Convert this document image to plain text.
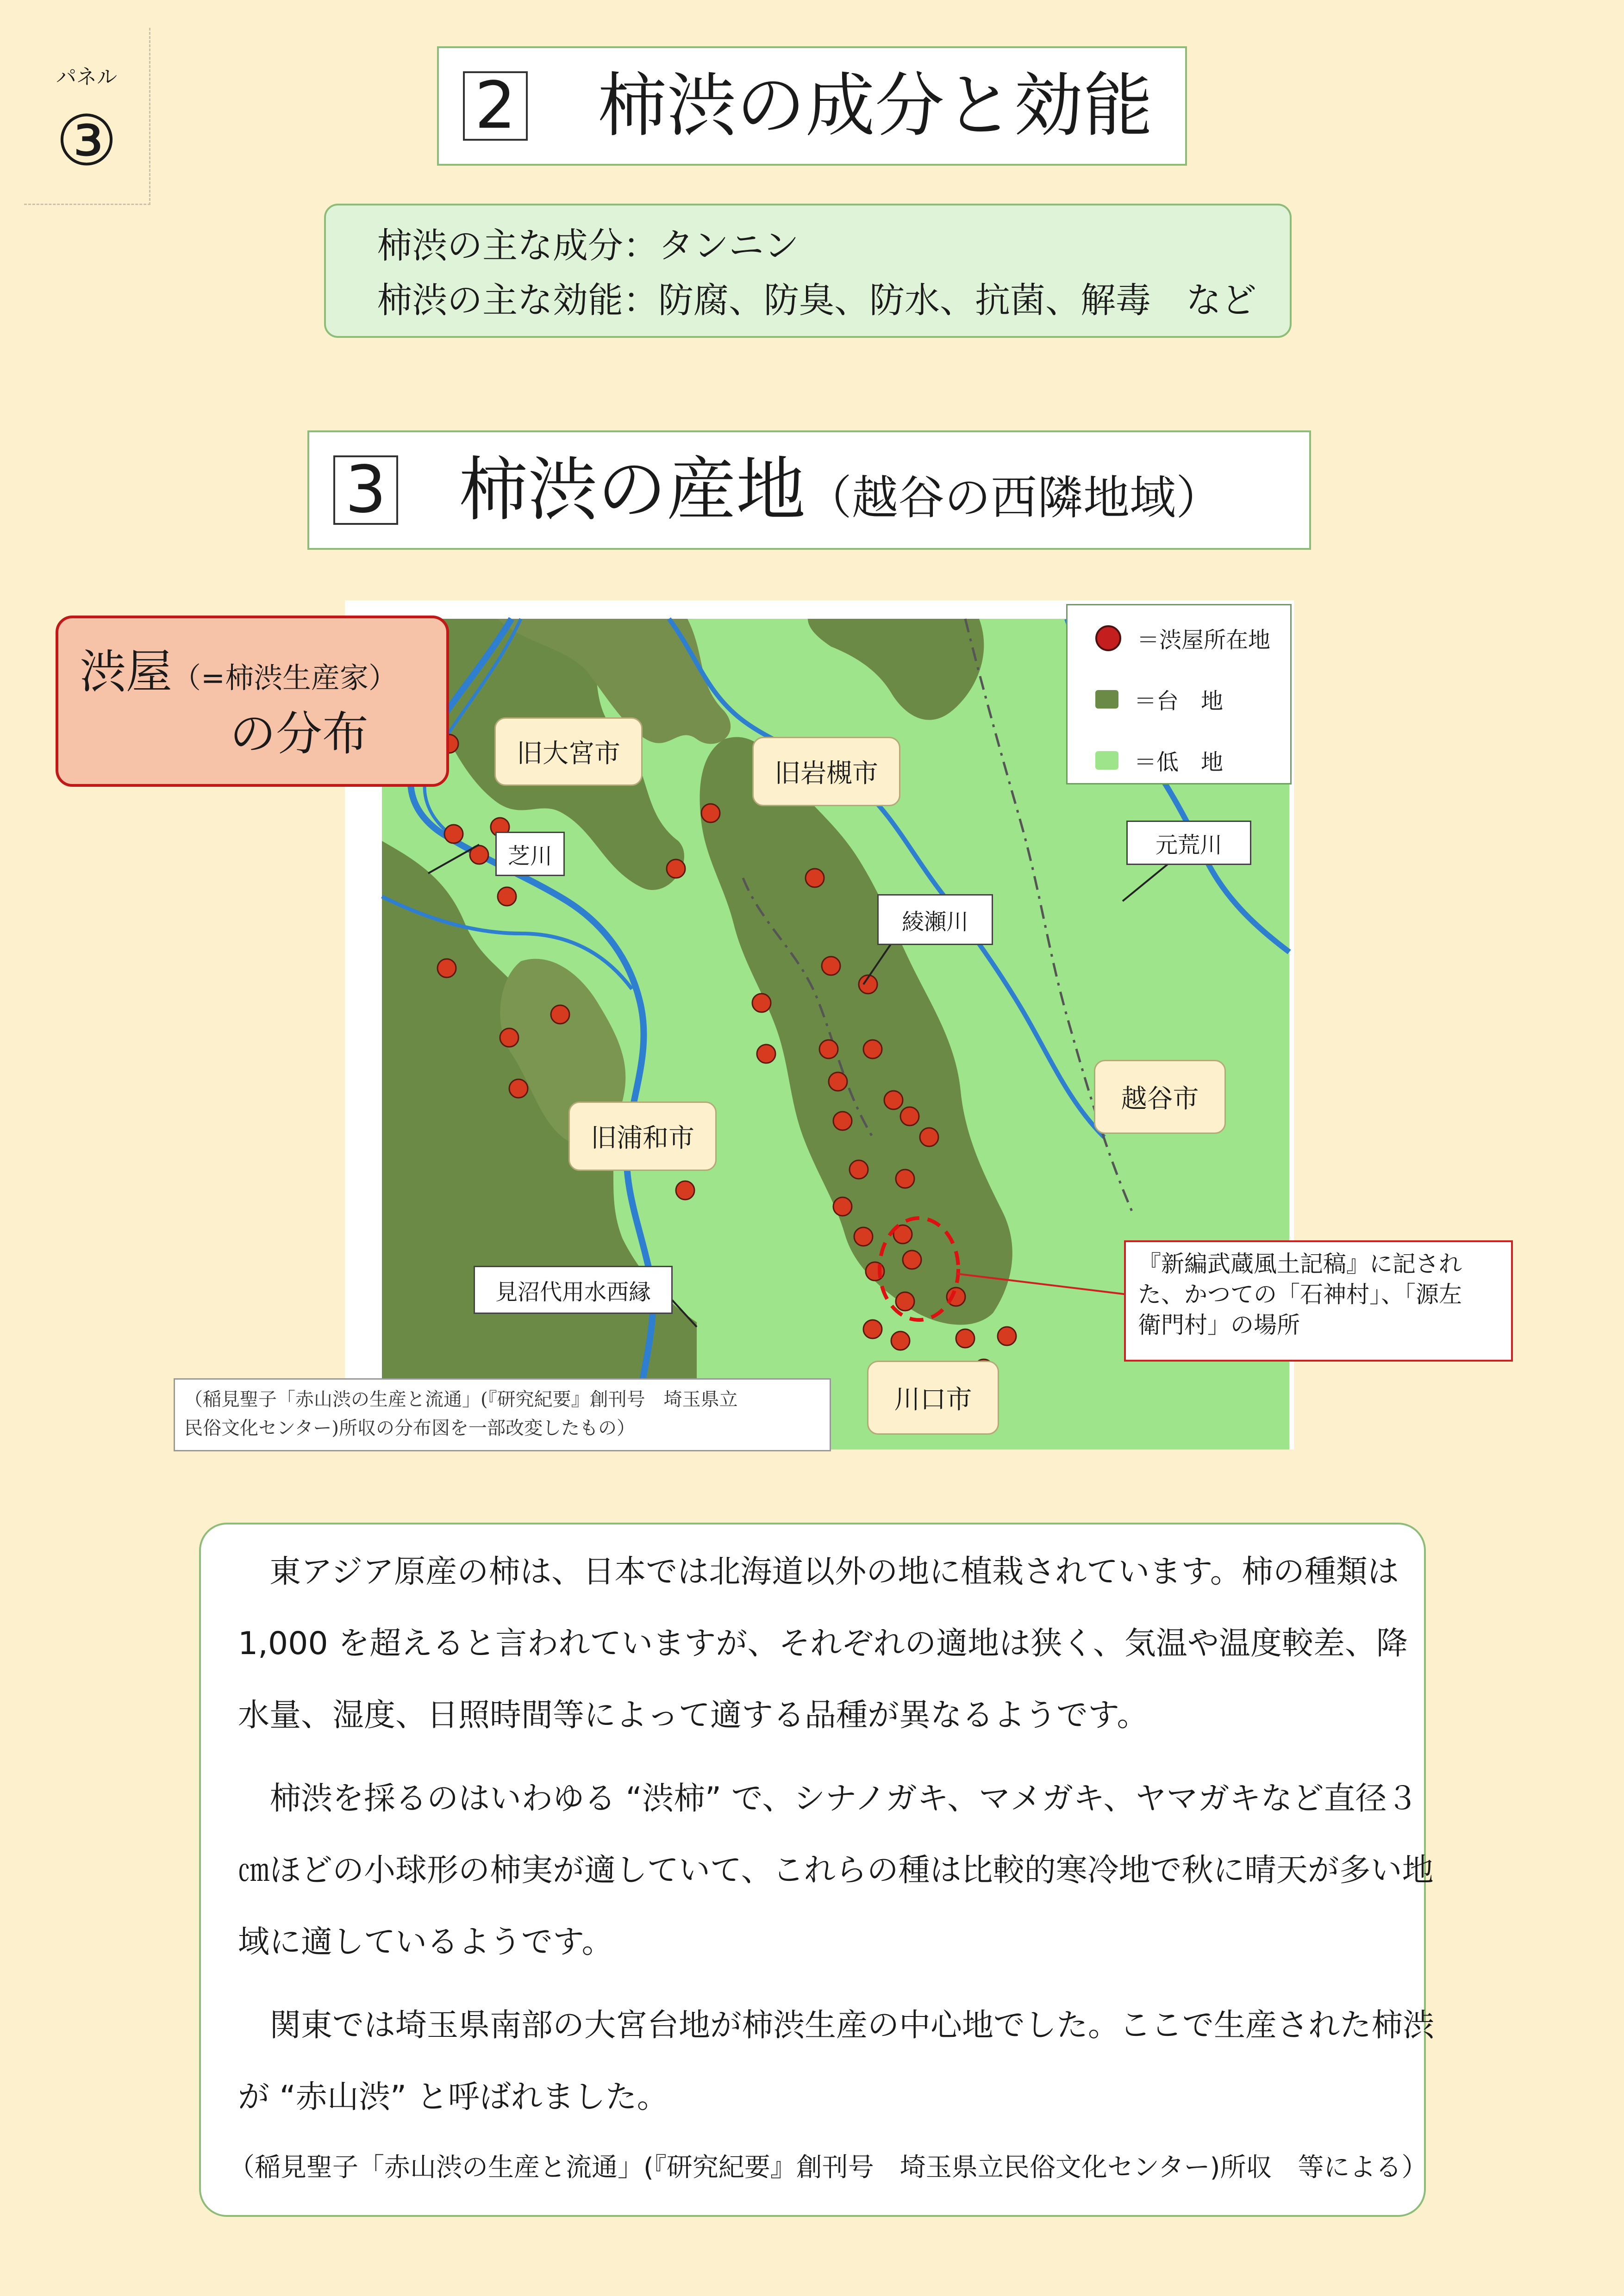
パネル
③	2 柿渋の成分と効能
柿渋の主な成分：タンニン
柿渋の主な効能：防腐、防臭、防水、抗菌、解毒　など
3 柿渋の産地（越谷の西隣地域）
＝渋屋所在地
＝台　地
＝低　地
旧大宮市
旧岩槻市
旧浦和市
越谷市
川口市
芝川	元荒川
綾瀬川
見沼代用水西縁
『新編武蔵風土記稿』に記され
た、かつての「石神村」、「源左
衛門村」の場所
渋屋（=柿渋生産家）
の分布
（稲見聖子「赤山渋の生産と流通」(『研究紀要』創刊号　埼玉県立
民俗文化センター)所収の分布図を一部改変したもの）
　東アジア原産の柿は、日本では北海道以外の地に植栽されています。柿の種類は
1,000 を超えると言われていますが、それぞれの適地は狭く、気温や温度較差、降
水量、湿度、日照時間等によって適する品種が異なるようです。
　柿渋を採るのはいわゆる “渋柿” で、シナノガキ、マメガキ、ヤマガキなど直径３
㎝ほどの小球形の柿実が適していて、これらの種は比較的寒冷地で秋に晴天が多い地
域に適しているようです。
　関東では埼玉県南部の大宮台地が柿渋生産の中心地でした。ここで生産された柿渋
が “赤山渋” と呼ばれました。
（稲見聖子「赤山渋の生産と流通」(『研究紀要』創刊号　埼玉県立民俗文化センター)所収　等による）
